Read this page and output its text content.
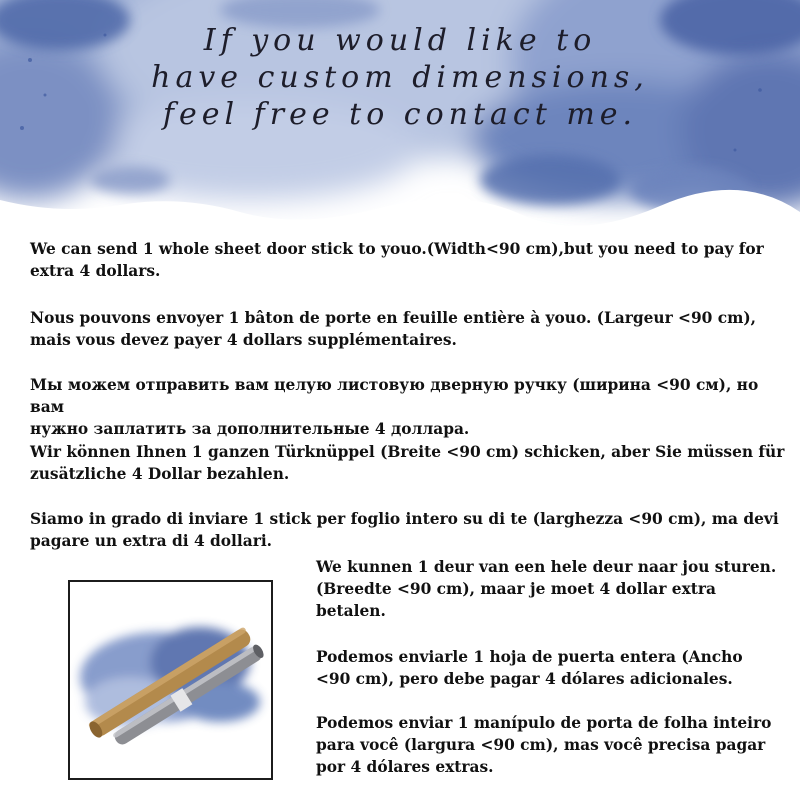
If you would like to
have custom dimensions,
feel free to contact me.

We can send 1 whole sheet door stick to youo.(Width<90 cm),but you need to pay for
extra 4 dollars.

Nous pouvons envoyer 1 bâton de porte en feuille entière à youo. (Largeur <90 cm),
mais vous devez payer 4 dollars supplémentaires.

Мы можем отправить вам целую листовую дверную ручку (ширина <90 см), но вам
нужно заплатить за дополнительные 4 доллара.

Wir können Ihnen 1 ganzen Türknüppel (Breite <90 cm) schicken, aber Sie müssen für
zusätzliche 4 Dollar bezahlen.

Siamo in grado di inviare 1 stick per foglio intero su di te (larghezza <90 cm), ma devi
pagare un extra di 4 dollari.

We kunnen 1 deur van een hele deur naar jou sturen.
(Breedte <90 cm), maar je moet 4 dollar extra
betalen.

Podemos enviarle 1 hoja de puerta entera (Ancho
<90 cm), pero debe pagar 4 dólares adicionales.

Podemos enviar 1 manípulo de porta de folha inteiro
para você (largura <90 cm), mas você precisa pagar
por 4 dólares extras.
